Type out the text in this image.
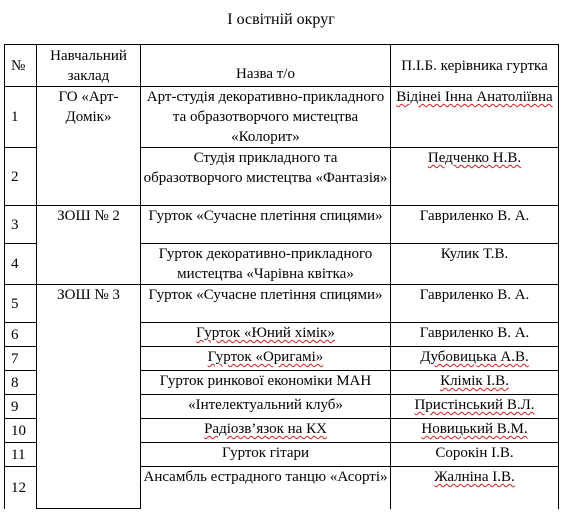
І освітній округ
№	Навчальний заклад	Назва т/о	П.І.Б. керівника гуртка
1	ГО «Арт-Домік»	Арт-студія декоративно-прикладного та образотворчого мистецтва «Колорит»	Відінеі Інна Анатоліївна
2		Студія прикладного та образотворчого мистецтва «Фантазія»	Педченко Н.В.
3	ЗОШ № 2	Гурток «Сучасне плетіння спицями»	Гавриленко В. А.
4		Гурток декоративно-прикладного мистецтва «Чарівна квітка»	Кулик Т.В.
5	ЗОШ № 3	Гурток «Сучасне плетіння спицями»	Гавриленко В. А.
6		Гурток «Юний хімік»	Гавриленко В. А.
7		Гурток «Оригамі»	Дубовицька А.В.
8		Гурток ринкової економіки МАН	Клімік І.В.
9		«Інтелектуальний клуб»	Пристінський В.Л.
10		Радіозв’язок на КХ	Новицький В.М.
11		Гурток гітари	Сорокін І.В.
12		Ансамбль естрадного танцю «Асорті»	Жалніна І.В.
